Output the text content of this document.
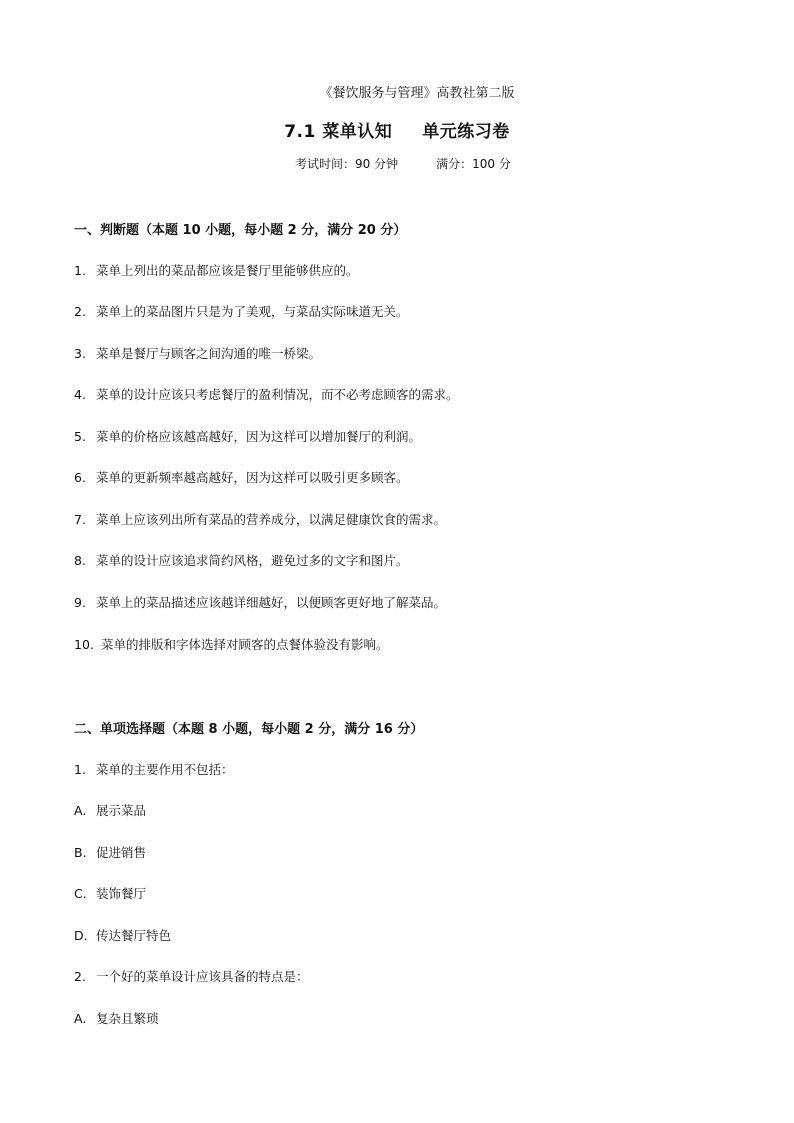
《餐饮服务与管理》高教社第二版
7.1 菜单认知 单元练习卷
考试时间：90 分钟	满分：100 分
一、判断题（本题 10 小题，每小题 2 分，满分 20 分）
1. 菜单上列出的菜品都应该是餐厅里能够供应的。
2. 菜单上的菜品图片只是为了美观，与菜品实际味道无关。
3. 菜单是餐厅与顾客之间沟通的唯一桥梁。
4. 菜单的设计应该只考虑餐厅的盈利情况，而不必考虑顾客的需求。
5. 菜单的价格应该越高越好，因为这样可以增加餐厅的利润。
6. 菜单的更新频率越高越好，因为这样可以吸引更多顾客。
7. 菜单上应该列出所有菜品的营养成分，以满足健康饮食的需求。
8. 菜单的设计应该追求简约风格，避免过多的文字和图片。
9. 菜单上的菜品描述应该越详细越好，以便顾客更好地了解菜品。
10. 菜单的排版和字体选择对顾客的点餐体验没有影响。
二、单项选择题（本题 8 小题，每小题 2 分，满分 16 分）
1. 菜单的主要作用不包括：
A. 展示菜品
B. 促进销售
C. 装饰餐厅
D. 传达餐厅特色
2. 一个好的菜单设计应该具备的特点是：
A. 复杂且繁琐
